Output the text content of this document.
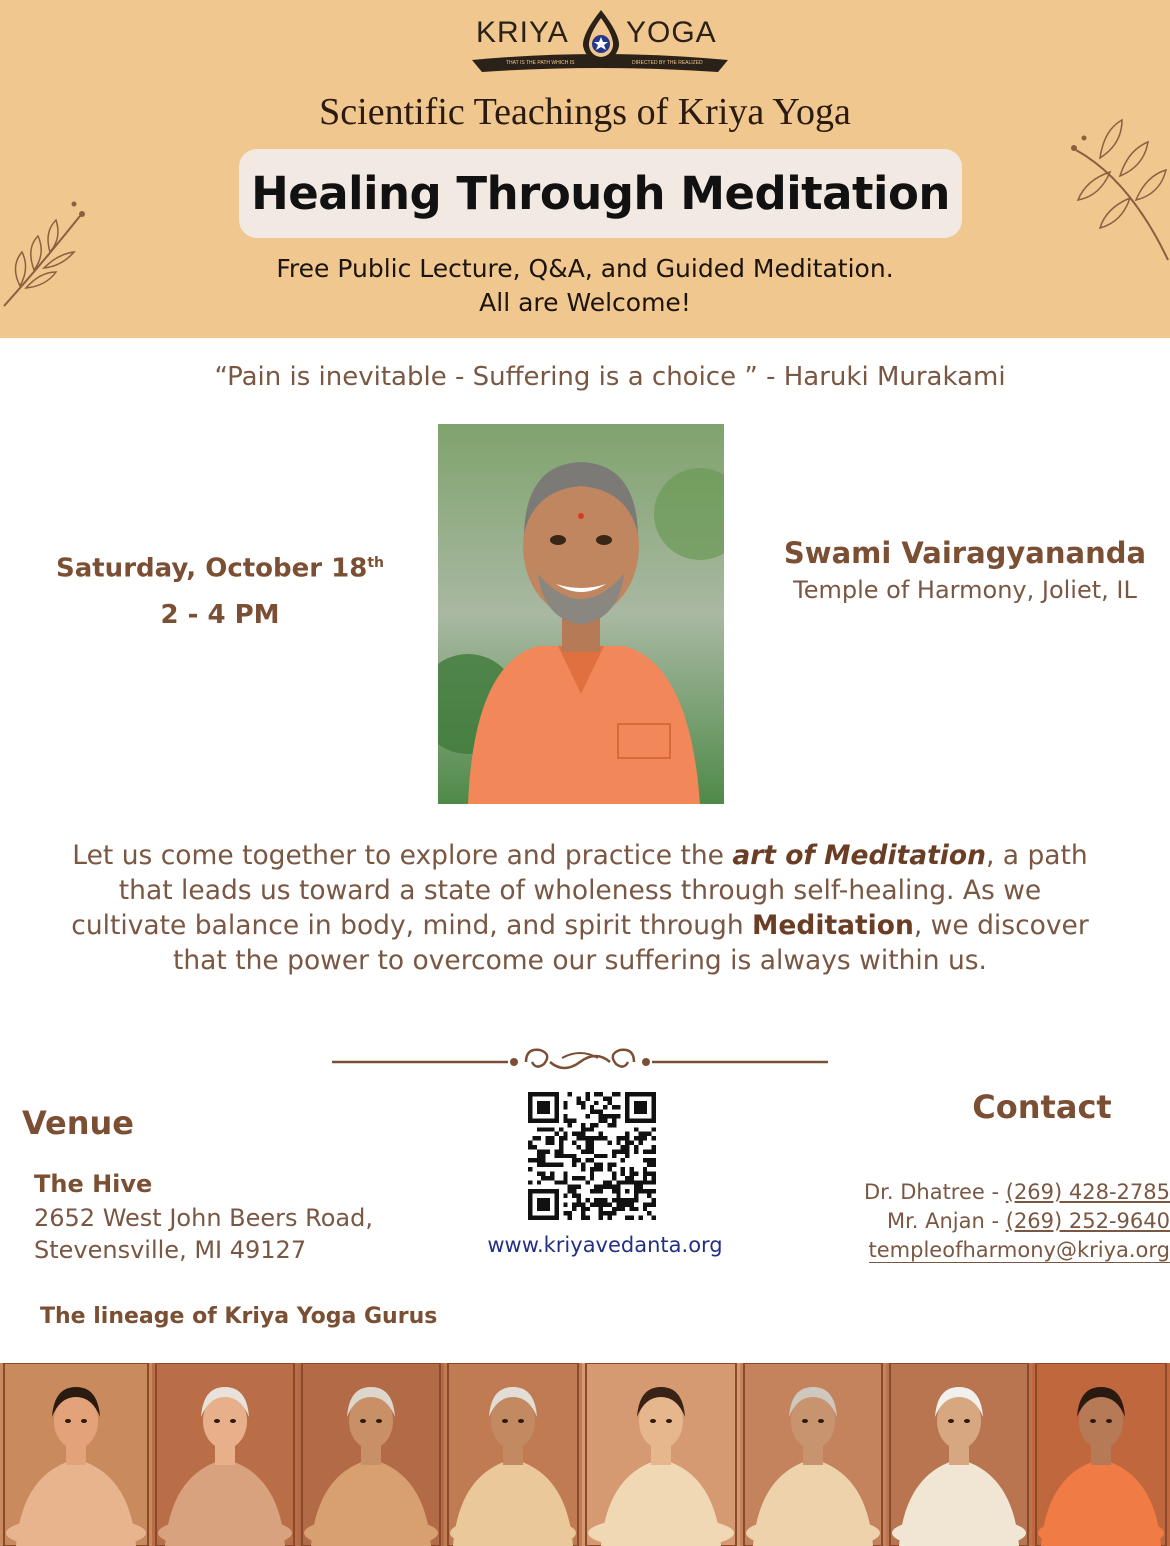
KRIYA YOGA
THAT IS THE PATH WHICH IS	DIRECTED BY THE REALIZED
Scientific Teachings of Kriya Yoga
Healing Through Meditation
Free Public Lecture, Q&A, and Guided Meditation.
All are Welcome!
“Pain is inevitable - Suffering is a choice ” - Haruki Murakami
Saturday, October 18th
2 - 4 PM
Swami Vairagyananda
Temple of Harmony, Joliet, IL
Let us come together to explore and practice the art of Meditation, a path that leads us toward a state of wholeness through self-healing. As we cultivate balance in body, mind, and spirit through Meditation, we discover that the power to overcome our suffering is always within us.
Venue
The Hive
2652 West John Beers Road,
Stevensville, MI 49127	www.kriyavedanta.org
Contact
Dr. Dhatree - (269) 428-2785
Mr. Anjan - (269) 252-9640
templeofharmony@kriya.org
The lineage of Kriya Yoga Gurus
